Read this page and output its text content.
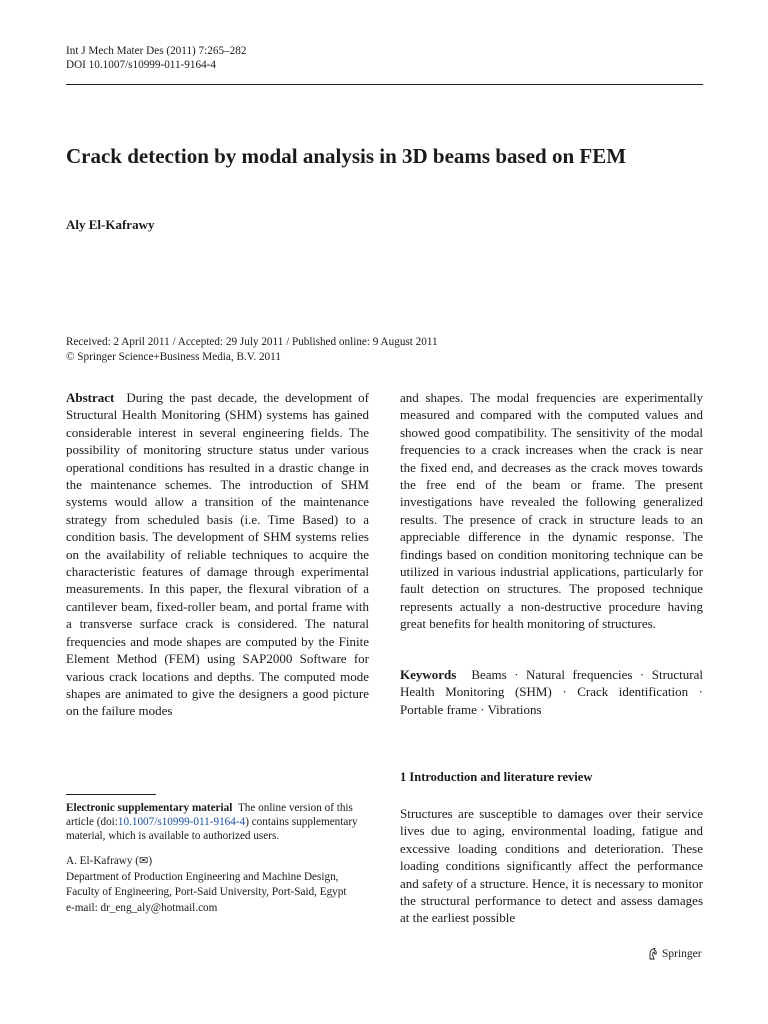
Int J Mech Mater Des (2011) 7:265–282
DOI 10.1007/s10999-011-9164-4
Crack detection by modal analysis in 3D beams based on FEM
Aly El-Kafrawy
Received: 2 April 2011 / Accepted: 29 July 2011 / Published online: 9 August 2011
© Springer Science+Business Media, B.V. 2011
Abstract During the past decade, the development of Structural Health Monitoring (SHM) systems has gained considerable interest in several engineering fields. The possibility of monitoring structure status under various operational conditions has resulted in a drastic change in the maintenance schemes. The introduction of SHM systems would allow a transition of the maintenance strategy from scheduled basis (i.e. Time Based) to a condition basis. The development of SHM systems relies on the availability of reliable techniques to acquire the characteristic features of damage through experimental measurements. In this paper, the flexural vibration of a cantilever beam, fixed-roller beam, and portal frame with a transverse surface crack is considered. The natural frequencies and mode shapes are computed by the Finite Element Method (FEM) using SAP2000 Software for various crack locations and depths. The computed mode shapes are animated to give the designers a good picture on the failure modes
and shapes. The modal frequencies are experimentally measured and compared with the computed values and showed good compatibility. The sensitivity of the modal frequencies to a crack increases when the crack is near the fixed end, and decreases as the crack moves towards the free end of the beam or frame. The present investigations have revealed the following generalized results. The presence of crack in structure leads to an appreciable difference in the dynamic response. The findings based on condition monitoring technique can be utilized in various industrial applications, particularly for fault detection on structures. The proposed technique represents actually a non-destructive procedure having great benefits for health monitoring of structures.
Keywords Beams · Natural frequencies · Structural Health Monitoring (SHM) · Crack identification · Portable frame · Vibrations
1 Introduction and literature review
Structures are susceptible to damages over their service lives due to aging, environmental loading, fatigue and excessive loading conditions and deterioration. These loading conditions significantly affect the performance and safety of a structure. Hence, it is necessary to monitor the structural performance to detect and assess damages at the earliest possible
Electronic supplementary material The online version of this article (doi:10.1007/s10999-011-9164-4) contains supplementary material, which is available to authorized users.
A. El-Kafrawy (✉)
Department of Production Engineering and Machine Design, Faculty of Engineering, Port-Said University, Port-Said, Egypt
e-mail: dr_eng_aly@hotmail.com
Springer
